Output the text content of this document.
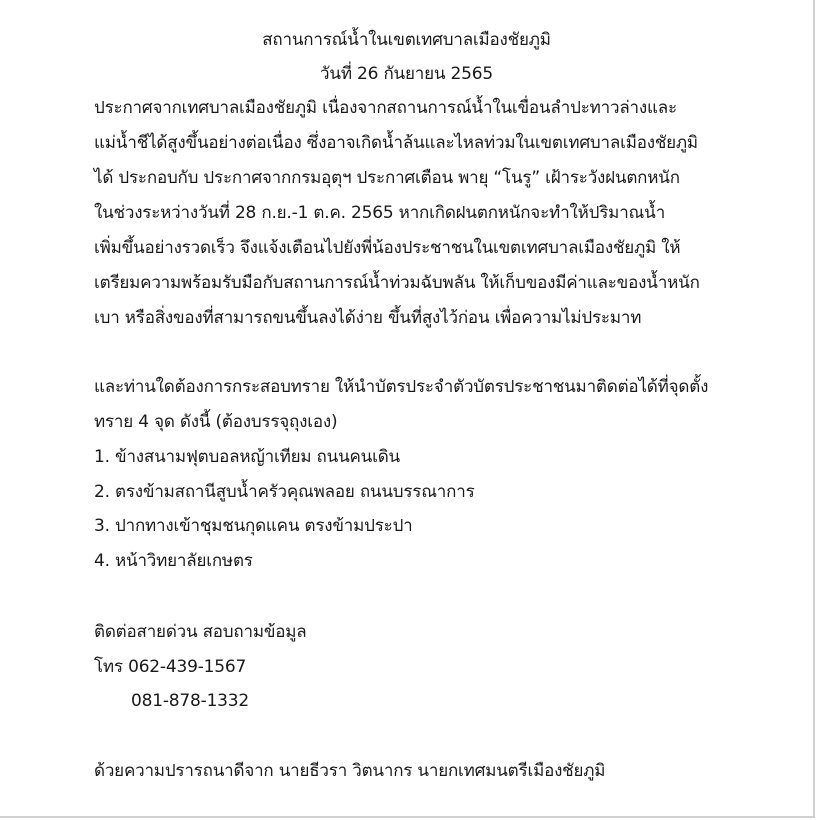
สถานการณ์น้ำในเขตเทศบาลเมืองชัยภูมิ
วันที่ 26 กันยายน 2565
ประกาศจากเทศบาลเมืองชัยภูมิ เนื่องจากสถานการณ์น้ำในเขื่อนลำปะทาวล่างและ
แม่น้ำชีได้สูงขึ้นอย่างต่อเนื่อง ซึ่งอาจเกิดน้ำล้นและไหลท่วมในเขตเทศบาลเมืองชัยภูมิ
ได้ ประกอบกับ ประกาศจากกรมอุตุฯ ประกาศเตือน พายุ “โนรู” เฝ้าระวังฝนตกหนัก
ในช่วงระหว่างวันที่ 28 ก.ย.-1 ต.ค. 2565 หากเกิดฝนตกหนักจะทำให้ปริมาณน้ำ
เพิ่มขึ้นอย่างรวดเร็ว จึงแจ้งเตือนไปยังพี่น้องประชาชนในเขตเทศบาลเมืองชัยภูมิ ให้
เตรียมความพร้อมรับมือกับสถานการณ์น้ำท่วมฉับพลัน ให้เก็บของมีค่าและของน้ำหนัก
เบา หรือสิ่งของที่สามารถขนขึ้นลงได้ง่าย ขึ้นที่สูงไว้ก่อน เพื่อความไม่ประมาท
และท่านใดต้องการกระสอบทราย ให้นำบัตรประจำตัวบัตรประชาชนมาติดต่อได้ที่จุดตั้ง
ทราย 4 จุด ดังนี้ (ต้องบรรจุถุงเอง)
1. ข้างสนามฟุตบอลหญ้าเทียม ถนนคนเดิน
2. ตรงข้ามสถานีสูบน้ำครัวคุณพลอย ถนนบรรณาการ
3. ปากทางเข้าชุมชนกุดแคน ตรงข้ามประปา
4. หน้าวิทยาลัยเกษตร
ติดต่อสายด่วน สอบถามข้อมูล
โทร 062-439-1567
081-878-1332
ด้วยความปรารถนาดีจาก นายธีวรา วิตนากร นายกเทศมนตรีเมืองชัยภูมิ
